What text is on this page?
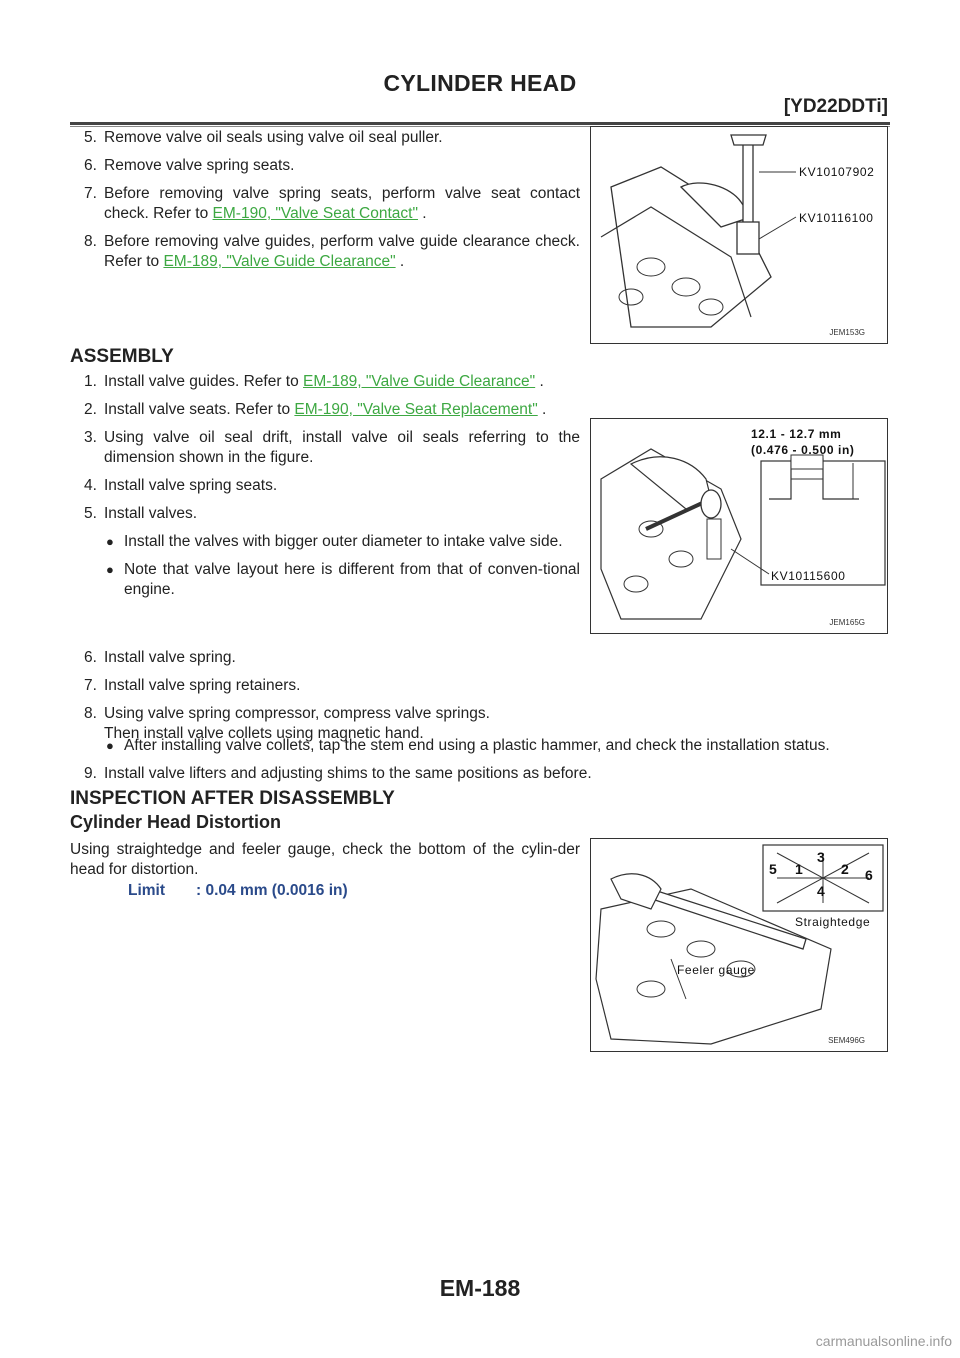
CYLINDER HEAD
[YD22DDTi]
5. Remove valve oil seals using valve oil seal puller.
6. Remove valve spring seats.
7. Before removing valve spring seats, perform valve seat contact check. Refer to EM-190, "Valve Seat Contact" .
8. Before removing valve guides, perform valve guide clearance check. Refer to EM-189, "Valve Guide Clearance" .
KV10107902
KV10116100
JEM153G
ASSEMBLY
1. Install valve guides. Refer to EM-189, "Valve Guide Clearance" .
2. Install valve seats. Refer to EM-190, "Valve Seat Replacement" .
3. Using valve oil seal drift, install valve oil seals referring to the dimension shown in the figure.
4. Install valve spring seats.
5. Install valves.
● Install the valves with bigger outer diameter to intake valve side.
● Note that valve layout here is different from that of conven-tional engine.
12.1 - 12.7 mm
(0.476 - 0.500 in)
KV10115600
JEM165G
6. Install valve spring.
7. Install valve spring retainers.
8. Using valve spring compressor, compress valve springs.
Then install valve collets using magnetic hand.
● After installing valve collets, tap the stem end using a plastic hammer, and check the installation status.
9. Install valve lifters and adjusting shims to the same positions as before.
INSPECTION AFTER DISASSEMBLY
Cylinder Head Distortion
Using straightedge and feeler gauge, check the bottom of the cylin-der head for distortion.
Limit : 0.04 mm (0.0016 in)
5 1
3
2 6
4
Straightedge
Feeler gauge
SEM496G
EM-188
carmanualsonline.info
